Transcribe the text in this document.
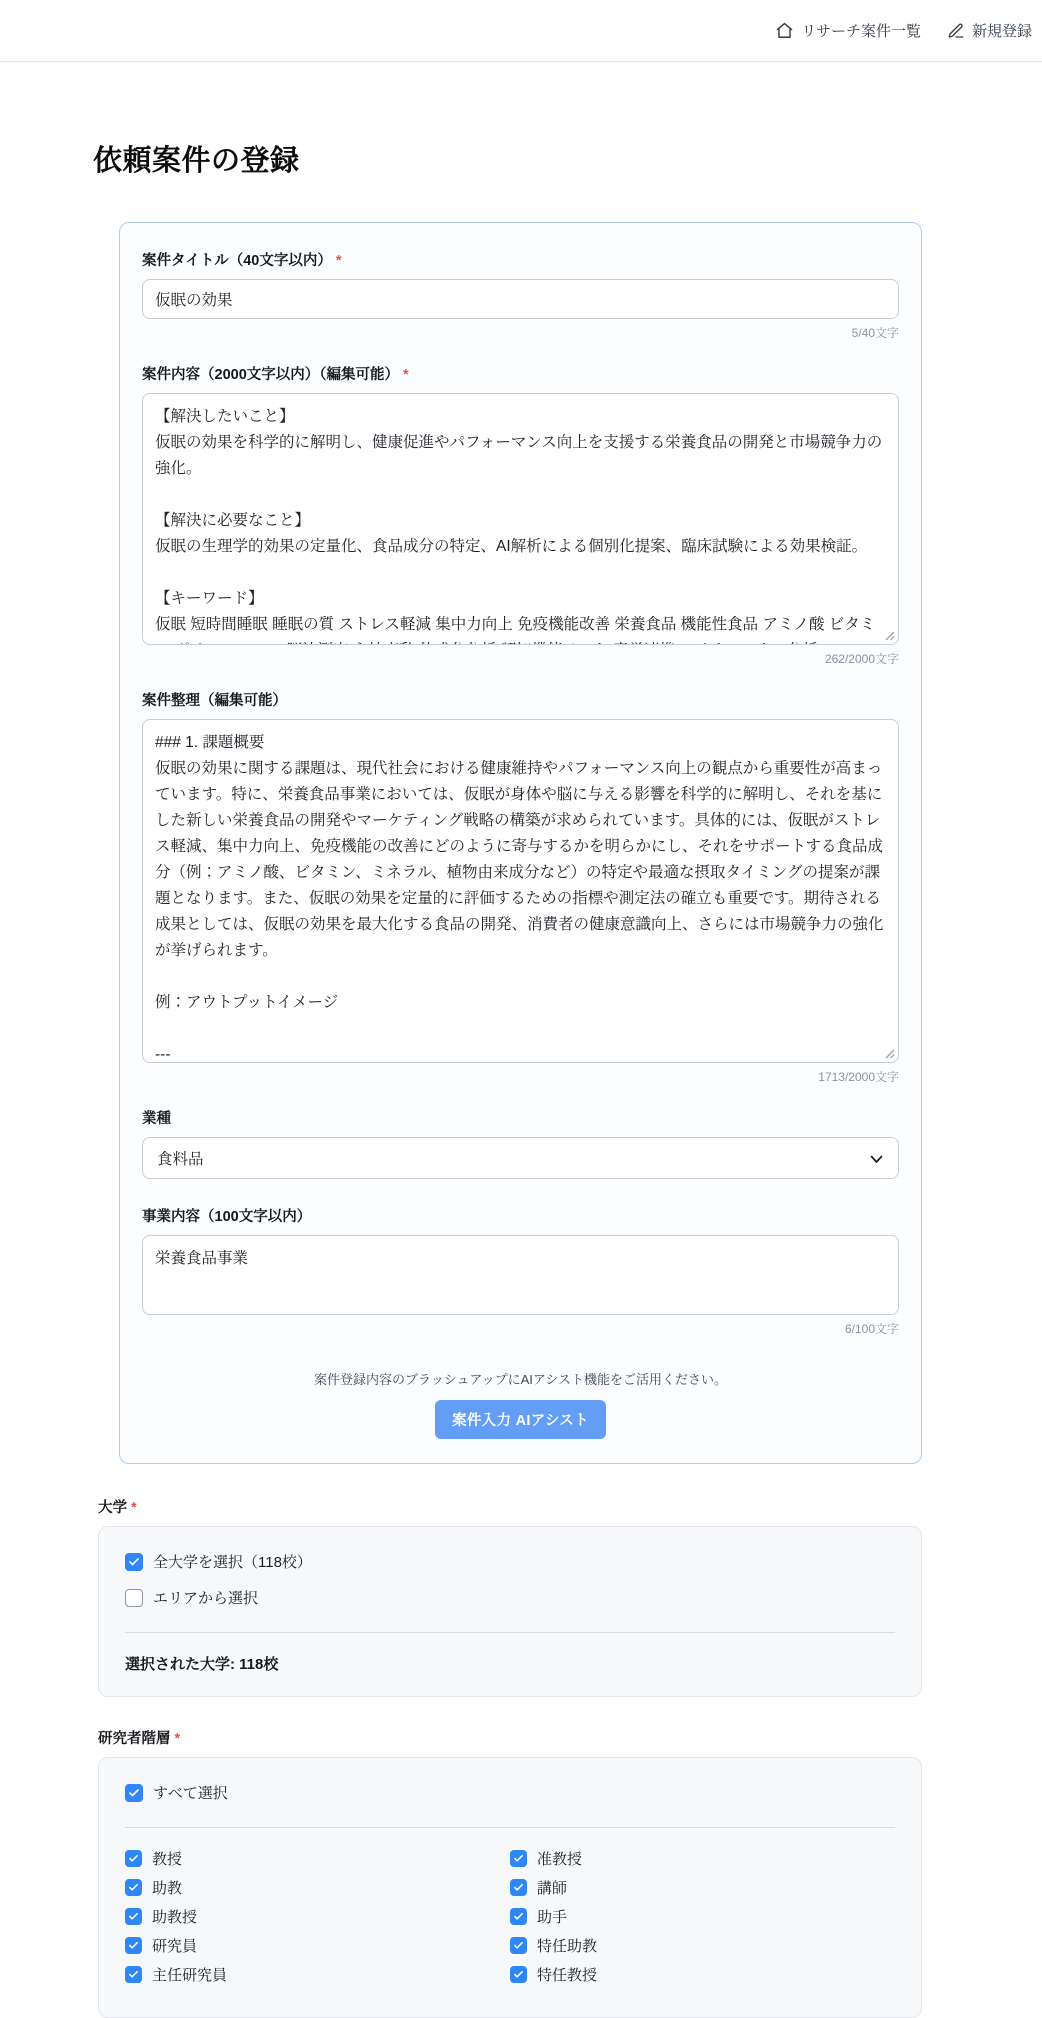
リサーチ案件一覧	新規登録
依頼案件の登録
案件タイトル（40文字以内） *
仮眠の効果
5/40文字
案件内容（2000文字以内）（編集可能） *
【解決したいこと】 仮眠の効果を科学的に解明し、健康促進やパフォーマンス向上を支援する栄養食品の開発と市場競争力の強化。 【解決に必要なこと】 仮眠の生理学的効果の定量化、食品成分の特定、AI解析による個別化提案、臨床試験による効果検証。 【キーワード】 仮眠 短時間睡眠 睡眠の質 ストレス軽減 集中力向上 免疫機能改善 栄養食品 機能性食品 アミノ酸 ビタミン ポリフェノール 脳波測定 心拍変動 体成分分析 認知機能テスト 産学連携 バイオマーカー分析
262/2000文字
案件整理（編集可能）
### 1. 課題概要 仮眠の効果に関する課題は、現代社会における健康維持やパフォーマンス向上の観点から重要性が高まっています。特に、栄養食品事業においては、仮眠が身体や脳に与える影響を科学的に解明し、それを基にした新しい栄養食品の開発やマーケティング戦略の構築が求められています。具体的には、仮眠がストレス軽減、集中力向上、免疫機能の改善にどのように寄与するかを明らかにし、それをサポートする食品成分（例：アミノ酸、ビタミン、ミネラル、植物由来成分など）の特定や最適な摂取タイミングの提案が課題となります。また、仮眠の効果を定量的に評価するための指標や測定法の確立も重要です。期待される成果としては、仮眠の効果を最大化する食品の開発、消費者の健康意識向上、さらには市場競争力の強化が挙げられます。 例：アウトプットイメージ --- ### 2. 解決したい課題
1713/2000文字
業種
食料品
事業内容（100文字以内）
栄養食品事業
6/100文字
案件登録内容のブラッシュアップにAIアシスト機能をご活用ください。
案件入力 AIアシスト
大学 *
全大学を選択（118校）
エリアから選択
選択された大学: 118校
研究者階層 *
すべて選択
教授
助教
助教授
研究員
主任研究員
准教授
講師
助手
特任助教
特任教授
